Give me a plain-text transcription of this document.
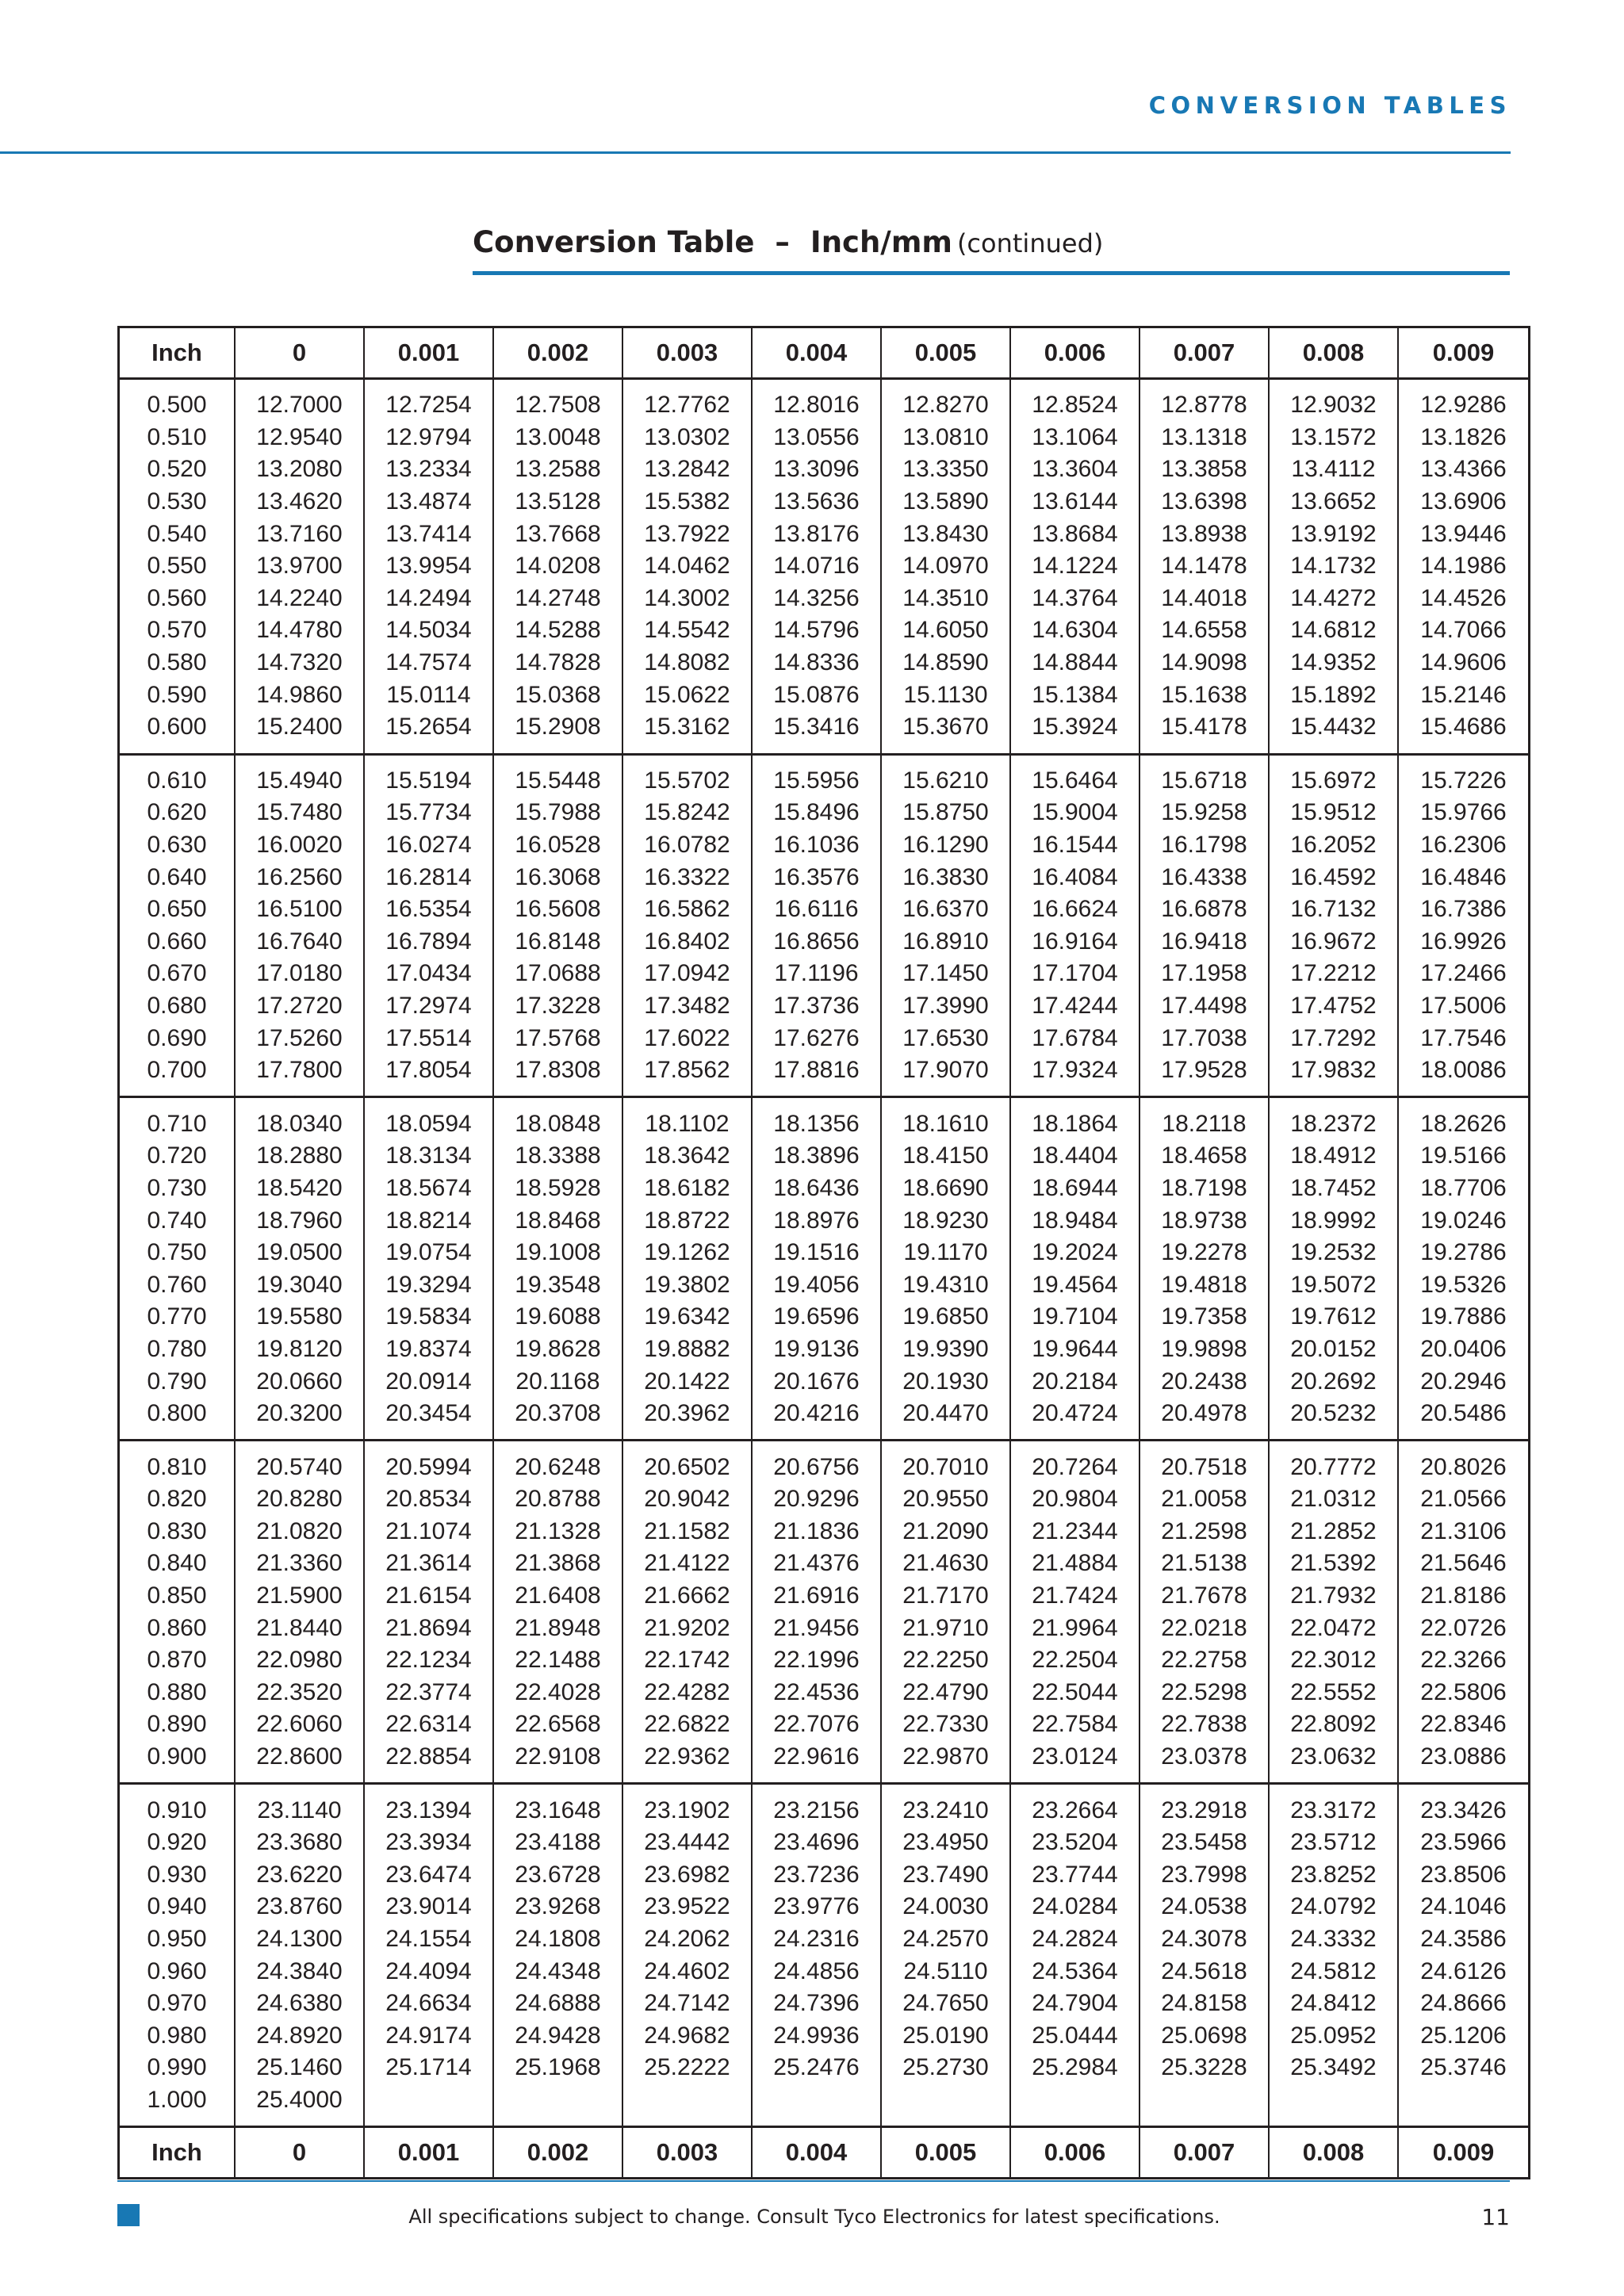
CONVERSION TABLES
Conversion Table – Inch/mm (continued)
Inch	0	0.001	0.002	0.003	0.004	0.005	0.006	0.007	0.008	0.009
0.500	12.7000	12.7254	12.7508	12.7762	12.8016	12.8270	12.8524	12.8778	12.9032	12.9286
0.510	12.9540	12.9794	13.0048	13.0302	13.0556	13.0810	13.1064	13.1318	13.1572	13.1826
0.520	13.2080	13.2334	13.2588	13.2842	13.3096	13.3350	13.3604	13.3858	13.4112	13.4366
0.530	13.4620	13.4874	13.5128	15.5382	13.5636	13.5890	13.6144	13.6398	13.6652	13.6906
0.540	13.7160	13.7414	13.7668	13.7922	13.8176	13.8430	13.8684	13.8938	13.9192	13.9446
0.550	13.9700	13.9954	14.0208	14.0462	14.0716	14.0970	14.1224	14.1478	14.1732	14.1986
0.560	14.2240	14.2494	14.2748	14.3002	14.3256	14.3510	14.3764	14.4018	14.4272	14.4526
0.570	14.4780	14.5034	14.5288	14.5542	14.5796	14.6050	14.6304	14.6558	14.6812	14.7066
0.580	14.7320	14.7574	14.7828	14.8082	14.8336	14.8590	14.8844	14.9098	14.9352	14.9606
0.590	14.9860	15.0114	15.0368	15.0622	15.0876	15.1130	15.1384	15.1638	15.1892	15.2146
0.600	15.2400	15.2654	15.2908	15.3162	15.3416	15.3670	15.3924	15.4178	15.4432	15.4686
0.610	15.4940	15.5194	15.5448	15.5702	15.5956	15.6210	15.6464	15.6718	15.6972	15.7226
0.620	15.7480	15.7734	15.7988	15.8242	15.8496	15.8750	15.9004	15.9258	15.9512	15.9766
0.630	16.0020	16.0274	16.0528	16.0782	16.1036	16.1290	16.1544	16.1798	16.2052	16.2306
0.640	16.2560	16.2814	16.3068	16.3322	16.3576	16.3830	16.4084	16.4338	16.4592	16.4846
0.650	16.5100	16.5354	16.5608	16.5862	16.6116	16.6370	16.6624	16.6878	16.7132	16.7386
0.660	16.7640	16.7894	16.8148	16.8402	16.8656	16.8910	16.9164	16.9418	16.9672	16.9926
0.670	17.0180	17.0434	17.0688	17.0942	17.1196	17.1450	17.1704	17.1958	17.2212	17.2466
0.680	17.2720	17.2974	17.3228	17.3482	17.3736	17.3990	17.4244	17.4498	17.4752	17.5006
0.690	17.5260	17.5514	17.5768	17.6022	17.6276	17.6530	17.6784	17.7038	17.7292	17.7546
0.700	17.7800	17.8054	17.8308	17.8562	17.8816	17.9070	17.9324	17.9528	17.9832	18.0086
0.710	18.0340	18.0594	18.0848	18.1102	18.1356	18.1610	18.1864	18.2118	18.2372	18.2626
0.720	18.2880	18.3134	18.3388	18.3642	18.3896	18.4150	18.4404	18.4658	18.4912	19.5166
0.730	18.5420	18.5674	18.5928	18.6182	18.6436	18.6690	18.6944	18.7198	18.7452	18.7706
0.740	18.7960	18.8214	18.8468	18.8722	18.8976	18.9230	18.9484	18.9738	18.9992	19.0246
0.750	19.0500	19.0754	19.1008	19.1262	19.1516	19.1170	19.2024	19.2278	19.2532	19.2786
0.760	19.3040	19.3294	19.3548	19.3802	19.4056	19.4310	19.4564	19.4818	19.5072	19.5326
0.770	19.5580	19.5834	19.6088	19.6342	19.6596	19.6850	19.7104	19.7358	19.7612	19.7886
0.780	19.8120	19.8374	19.8628	19.8882	19.9136	19.9390	19.9644	19.9898	20.0152	20.0406
0.790	20.0660	20.0914	20.1168	20.1422	20.1676	20.1930	20.2184	20.2438	20.2692	20.2946
0.800	20.3200	20.3454	20.3708	20.3962	20.4216	20.4470	20.4724	20.4978	20.5232	20.5486
0.810	20.5740	20.5994	20.6248	20.6502	20.6756	20.7010	20.7264	20.7518	20.7772	20.8026
0.820	20.8280	20.8534	20.8788	20.9042	20.9296	20.9550	20.9804	21.0058	21.0312	21.0566
0.830	21.0820	21.1074	21.1328	21.1582	21.1836	21.2090	21.2344	21.2598	21.2852	21.3106
0.840	21.3360	21.3614	21.3868	21.4122	21.4376	21.4630	21.4884	21.5138	21.5392	21.5646
0.850	21.5900	21.6154	21.6408	21.6662	21.6916	21.7170	21.7424	21.7678	21.7932	21.8186
0.860	21.8440	21.8694	21.8948	21.9202	21.9456	21.9710	21.9964	22.0218	22.0472	22.0726
0.870	22.0980	22.1234	22.1488	22.1742	22.1996	22.2250	22.2504	22.2758	22.3012	22.3266
0.880	22.3520	22.3774	22.4028	22.4282	22.4536	22.4790	22.5044	22.5298	22.5552	22.5806
0.890	22.6060	22.6314	22.6568	22.6822	22.7076	22.7330	22.7584	22.7838	22.8092	22.8346
0.900	22.8600	22.8854	22.9108	22.9362	22.9616	22.9870	23.0124	23.0378	23.0632	23.0886
0.910	23.1140	23.1394	23.1648	23.1902	23.2156	23.2410	23.2664	23.2918	23.3172	23.3426
0.920	23.3680	23.3934	23.4188	23.4442	23.4696	23.4950	23.5204	23.5458	23.5712	23.5966
0.930	23.6220	23.6474	23.6728	23.6982	23.7236	23.7490	23.7744	23.7998	23.8252	23.8506
0.940	23.8760	23.9014	23.9268	23.9522	23.9776	24.0030	24.0284	24.0538	24.0792	24.1046
0.950	24.1300	24.1554	24.1808	24.2062	24.2316	24.2570	24.2824	24.3078	24.3332	24.3586
0.960	24.3840	24.4094	24.4348	24.4602	24.4856	24.5110	24.5364	24.5618	24.5812	24.6126
0.970	24.6380	24.6634	24.6888	24.7142	24.7396	24.7650	24.7904	24.8158	24.8412	24.8666
0.980	24.8920	24.9174	24.9428	24.9682	24.9936	25.0190	25.0444	25.0698	25.0952	25.1206
0.990	25.1460	25.1714	25.1968	25.2222	25.2476	25.2730	25.2984	25.3228	25.3492	25.3746
1.000	25.4000									
Inch	0	0.001	0.002	0.003	0.004	0.005	0.006	0.007	0.008	0.009
All specifications subject to change. Consult Tyco Electronics for latest specifications.	11
